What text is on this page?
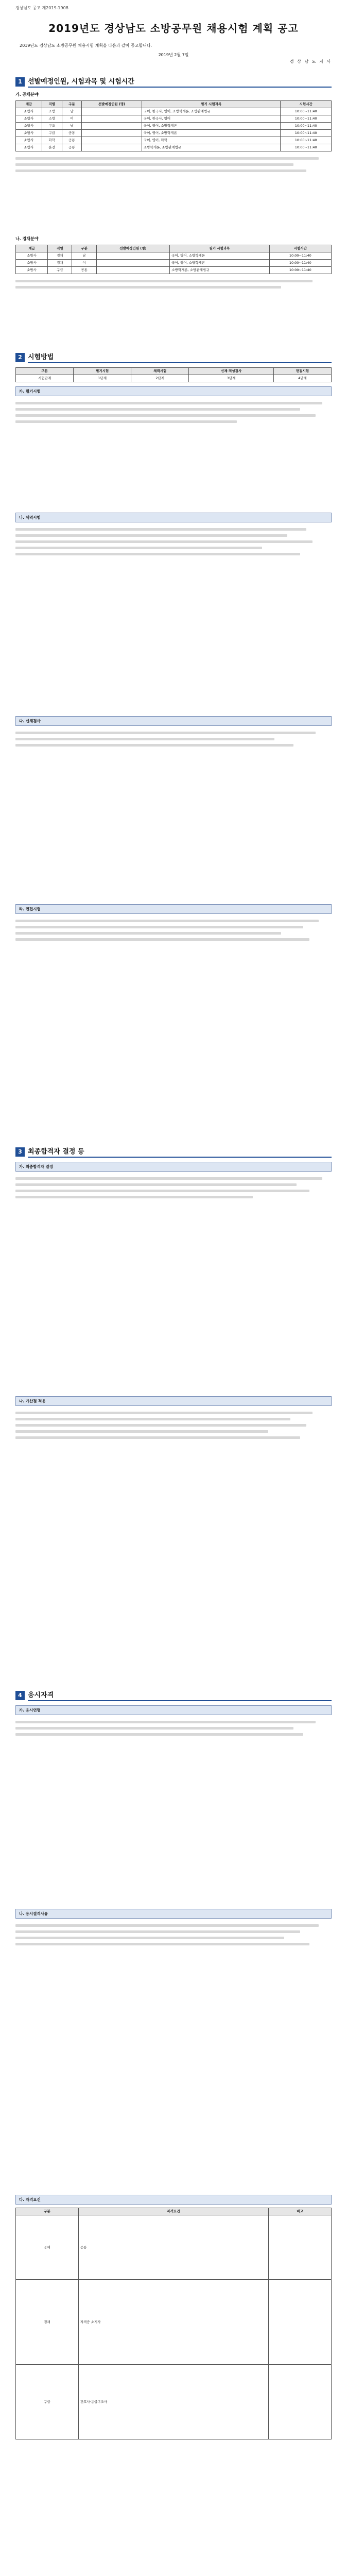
경상남도 공고 제2019-1908
2019년도 경상남도 소방공무원 채용시험 계획 공고
2019년도 경상남도 소방공무원 채용시험 계획을 다음과 같이 공고합니다.
2019년 2월 7일
경 상 남 도 지 사
1 선발예정인원, 시험과목 및 시험시간
가. 공채분야
계급	직렬	구분	선발예정인원 (명)	필기 시험과목	시험시간
소방사	소방	남		국어, 한국사, 영어, 소방학개론, 소방관계법규	10:00~11:40
소방사	소방	여		국어, 한국사, 영어	10:00~11:40
소방사	구조	남		국어, 영어, 소방학개론	10:00~11:40
소방사	구급	공통		국어, 영어, 소방학개론	10:00~11:40
소방사	화학	공통		국어, 영어, 화학	10:00~11:40
소방사	운전	공통		소방학개론, 소방관계법규	10:00~11:40
나. 경채분야
계급	직렬	구분	선발예정인원 (명)	필기 시험과목	시험시간
소방사	경채	남		국어, 영어, 소방학개론	10:00~11:40
소방사	경채	여		국어, 영어, 소방학개론	10:00~11:40
소방사	구급	공통		소방학개론, 소방관계법규	10:00~11:40
2 시험방법
구분	필기시험	체력시험	신체·적성검사	면접시험
시험단계	1단계	2단계	3단계	4단계
가. 필기시험
나. 체력시험
다. 신체검사
라. 면접시험
3 최종합격자 결정 등
가. 최종합격자 결정
나. 가산점 적용
4 응시자격
가. 응시연령
나. 응시결격사유
다. 자격요건
구분	자격요건	비고
공채	공통	
경채	자격증 소지자	
구급	간호사·응급구조사	
